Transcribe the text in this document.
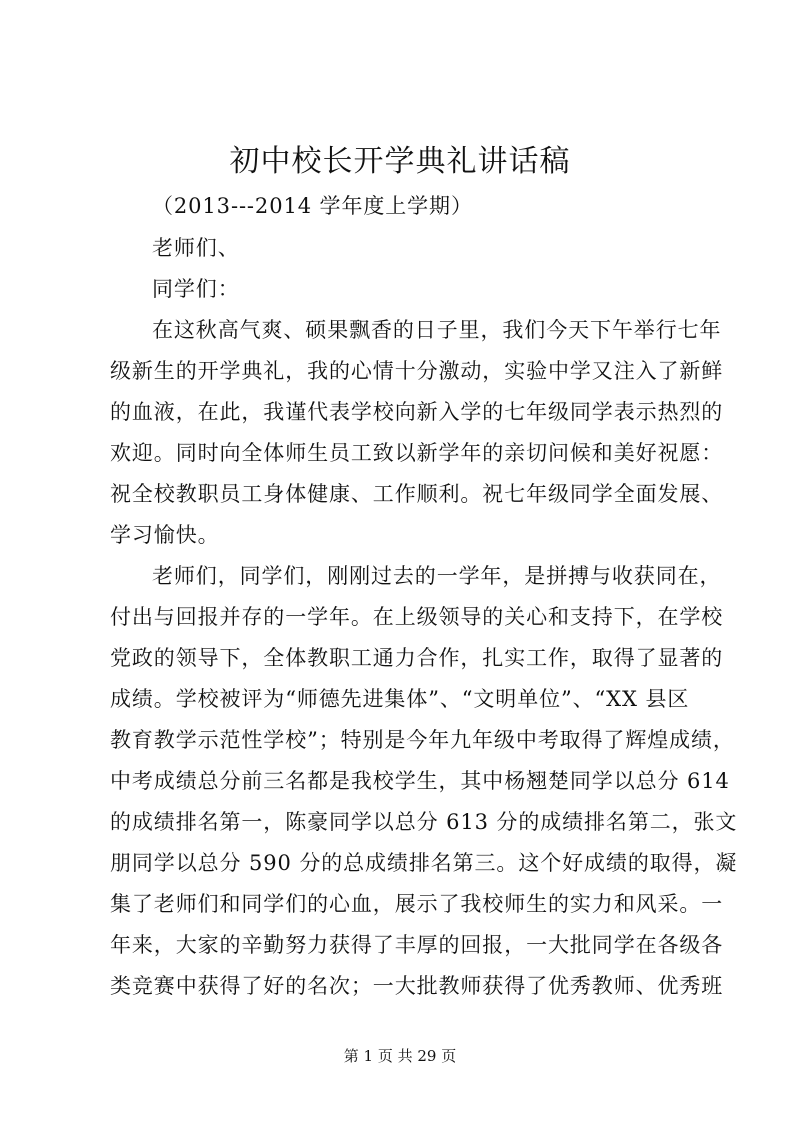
初中校长开学典礼讲话稿
（2013---2014 学年度上学期）
老师们、
同学们：
在这秋高气爽、硕果飘香的日子里，我们今天下午举行七年
级新生的开学典礼，我的心情十分激动，实验中学又注入了新鲜
的血液，在此，我谨代表学校向新入学的七年级同学表示热烈的
欢迎。同时向全体师生员工致以新学年的亲切问候和美好祝愿：
祝全校教职员工身体健康、工作顺利。祝七年级同学全面发展、
学习愉快。
老师们，同学们，刚刚过去的一学年，是拼搏与收获同在，
付出与回报并存的一学年。在上级领导的关心和支持下，在学校
党政的领导下，全体教职工通力合作，扎实工作，取得了显著的
成绩。学校被评为“师德先进集体”、“文明单位”、“XX 县区
教育教学示范性学校”；特别是今年九年级中考取得了辉煌成绩，
中考成绩总分前三名都是我校学生，其中杨翘楚同学以总分 614
的成绩排名第一，陈豪同学以总分 613 分的成绩排名第二，张文
朋同学以总分 590 分的总成绩排名第三。这个好成绩的取得，凝
集了老师们和同学们的心血，展示了我校师生的实力和风采。一
年来，大家的辛勤努力获得了丰厚的回报，一大批同学在各级各
类竞赛中获得了好的名次；一大批教师获得了优秀教师、优秀班
第 1 页 共 29 页
